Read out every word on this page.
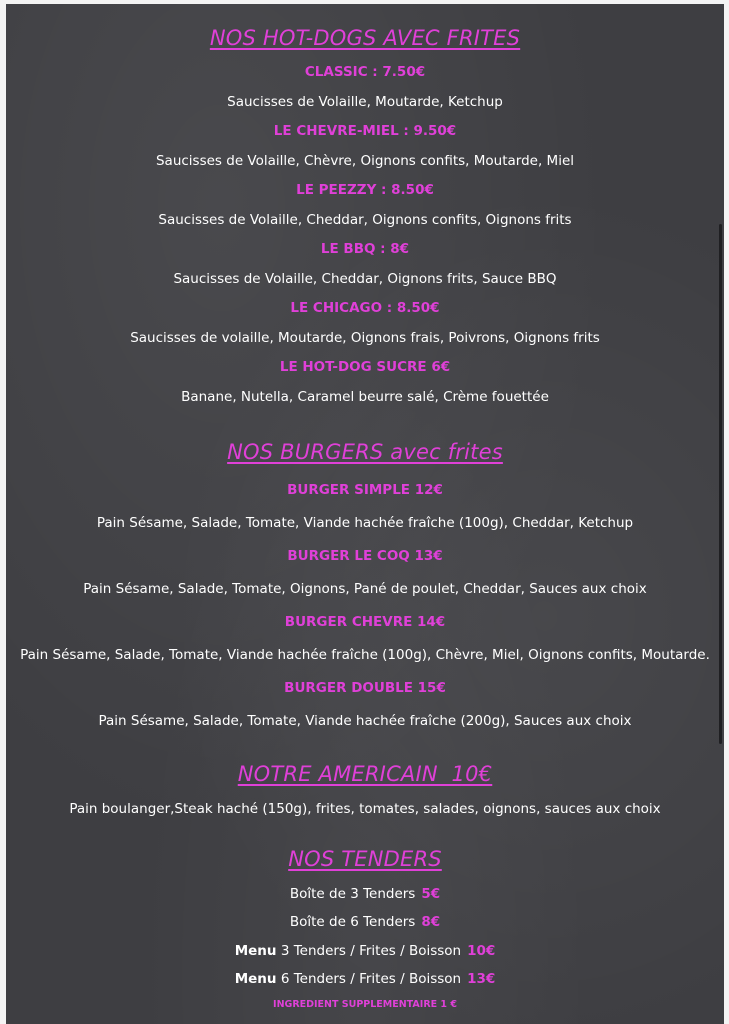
NOS HOT-DOGS AVEC FRITES
CLASSIC : 7.50€
Saucisses de Volaille, Moutarde, Ketchup
LE CHEVRE-MIEL : 9.50€
Saucisses de Volaille, Chèvre, Oignons confits, Moutarde, Miel
LE PEEZZY : 8.50€
Saucisses de Volaille, Cheddar, Oignons confits, Oignons frits
LE BBQ : 8€
Saucisses de Volaille, Cheddar, Oignons frits, Sauce BBQ
LE CHICAGO : 8.50€
Saucisses de volaille, Moutarde, Oignons frais, Poivrons, Oignons frits
LE HOT-DOG SUCRE 6€
Banane, Nutella, Caramel beurre salé, Crème fouettée
NOS BURGERS avec frites
BURGER SIMPLE 12€
Pain Sésame, Salade, Tomate, Viande hachée fraîche (100g), Cheddar, Ketchup
BURGER LE COQ 13€
Pain Sésame, Salade, Tomate, Oignons, Pané de poulet, Cheddar, Sauces aux choix
BURGER CHEVRE 14€
Pain Sésame, Salade, Tomate, Viande hachée fraîche (100g), Chèvre, Miel, Oignons confits, Moutarde.
BURGER DOUBLE 15€
Pain Sésame, Salade, Tomate, Viande hachée fraîche (200g), Sauces aux choix
NOTRE AMERICAIN  10€
Pain boulanger,Steak haché (150g), frites, tomates, salades, oignons, sauces aux choix
NOS TENDERS
Boîte de 3 Tenders 5€
Boîte de 6 Tenders 8€
Menu 3 Tenders / Frites / Boisson 10€
Menu 6 Tenders / Frites / Boisson 13€
INGREDIENT SUPPLEMENTAIRE 1 €
